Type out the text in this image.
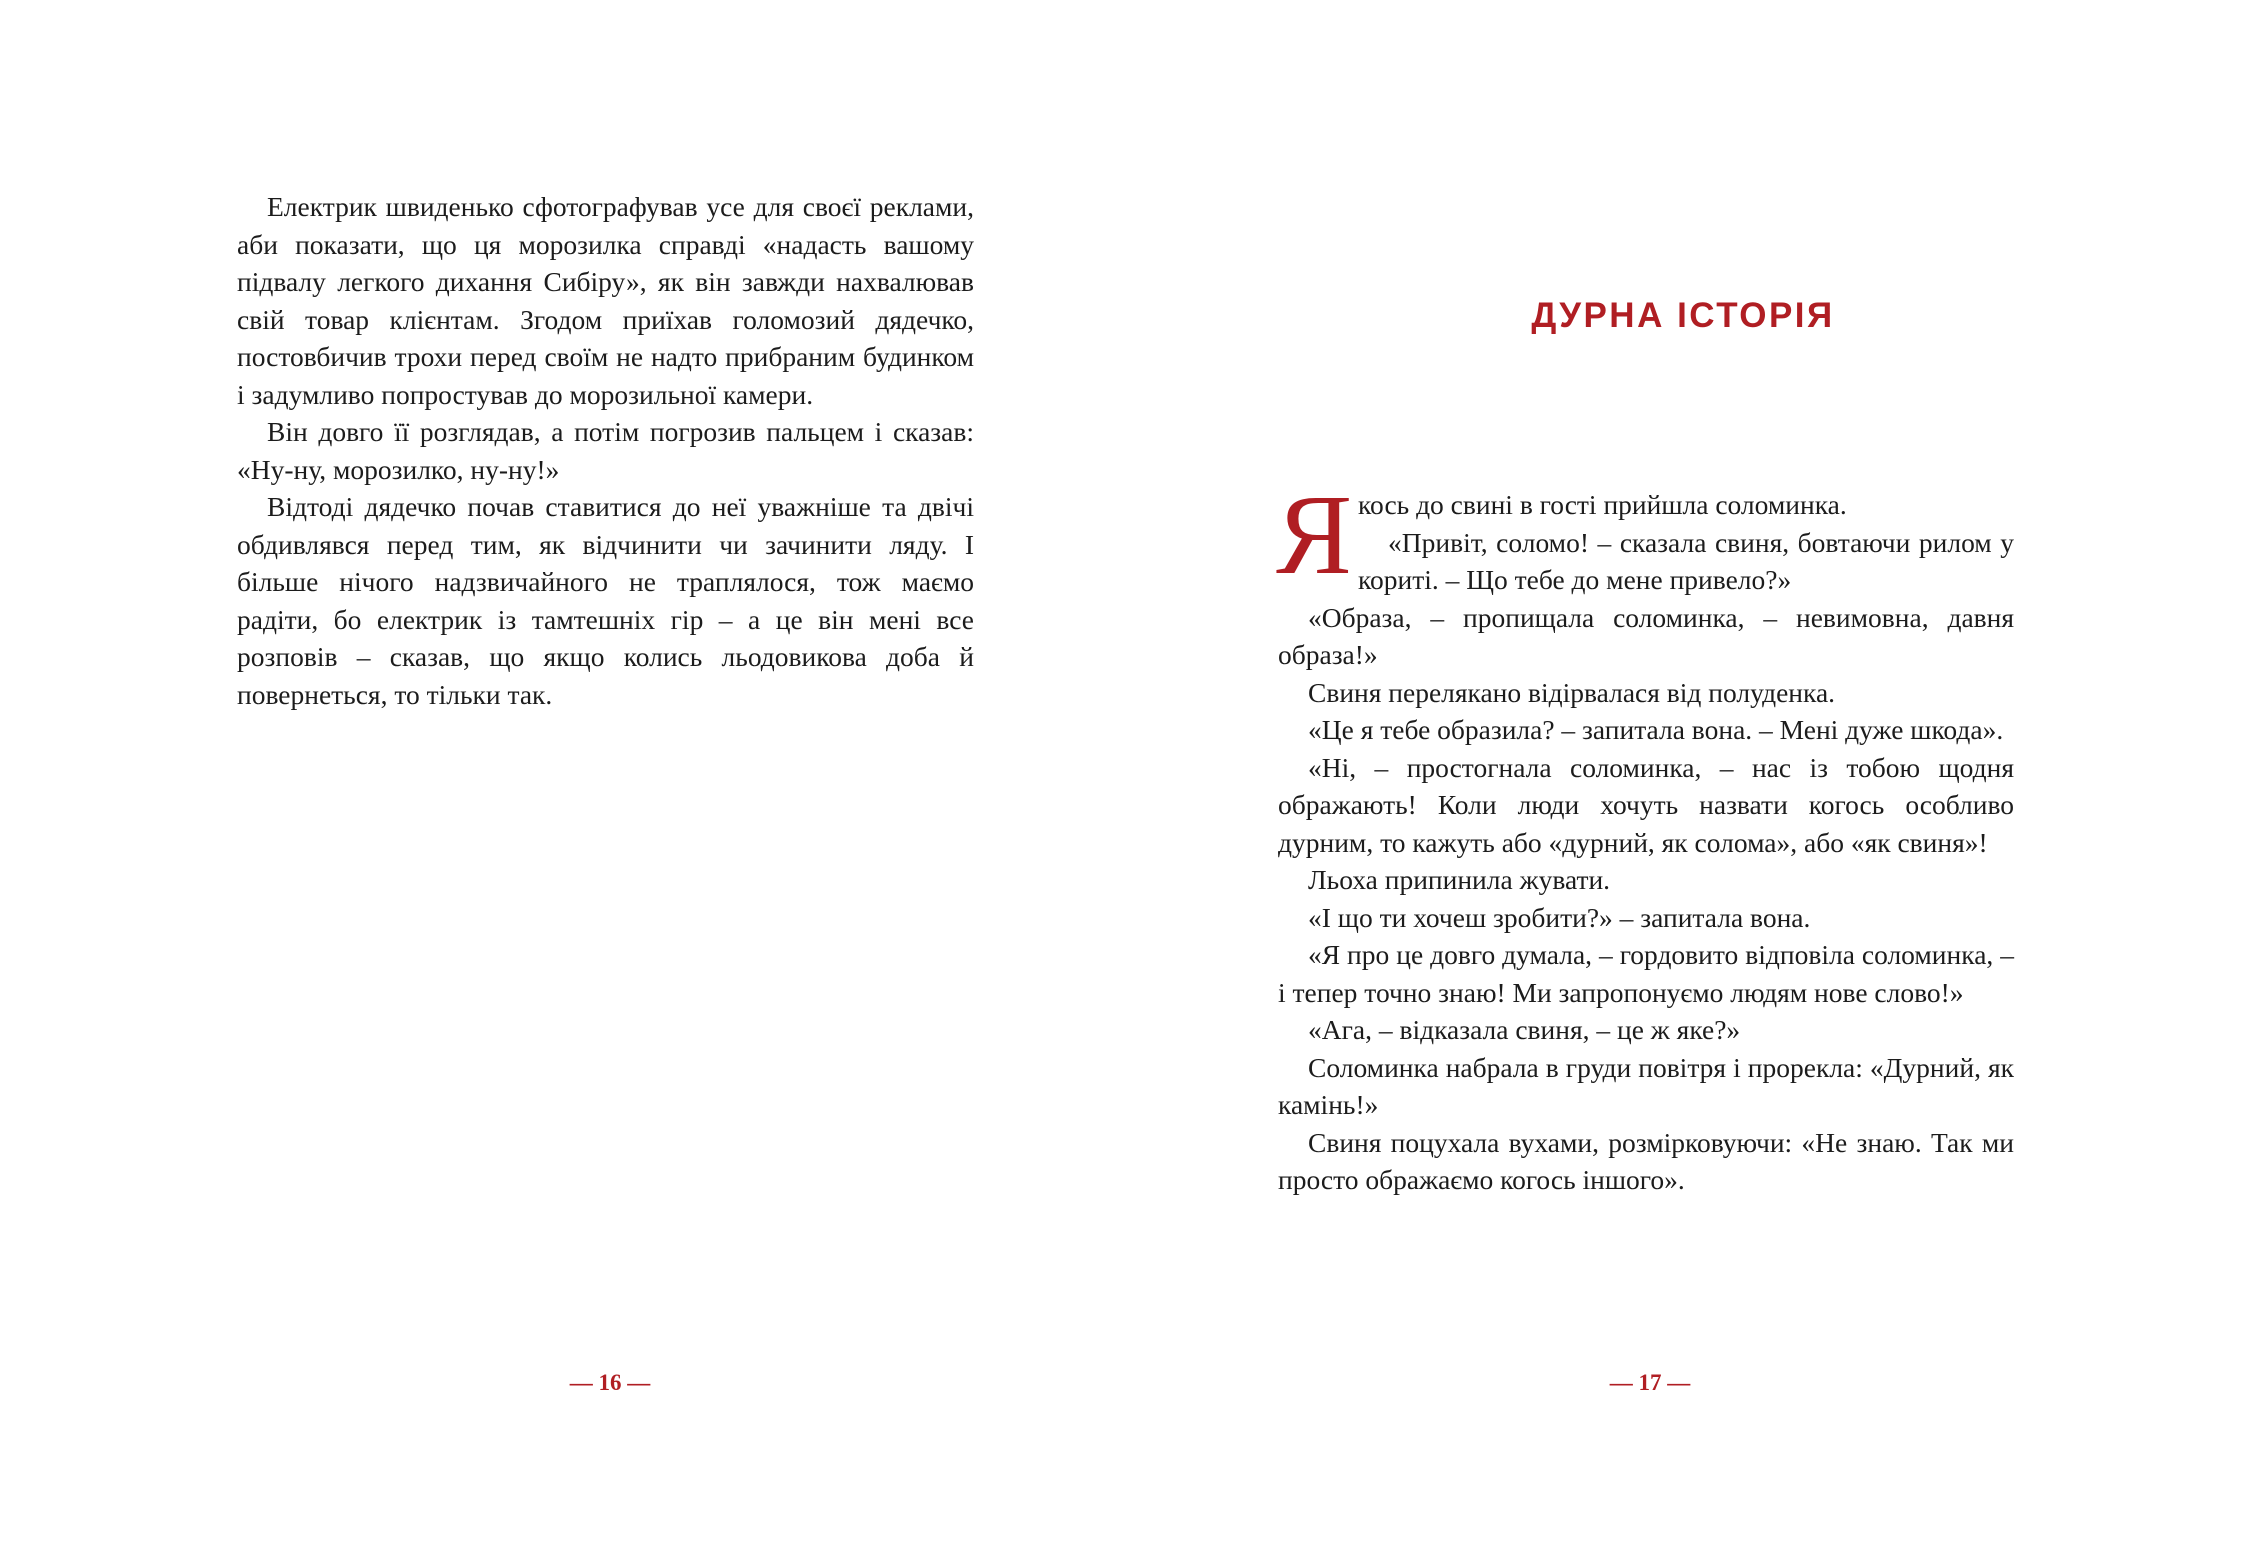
Електрик швиденько сфотографував усе для своєї реклами, аби показати, що ця морозилка справді «надасть вашому підвалу легкого дихання Сибіру», як він завжди нахвалював свій товар клієнтам. Згодом приїхав голомозий дядечко, постовбичив трохи перед своїм не надто прибраним будинком і задумливо попростував до морозильної камери.

Він довго її розглядав, а потім погрозив пальцем і сказав: «Ну-ну, морозилко, ну-ну!»

Відтоді дядечко почав ставитися до неї уважніше та двічі обдивлявся перед тим, як відчинити чи зачинити ляду. І більше нічого надзвичайного не траплялося, тож маємо радіти, бо електрик із тамтешніх гір – а це він мені все розповів – сказав, що якщо колись льодовикова доба й повернеться, то тільки так.

— 16 —
ДУРНА ІСТОРІЯ

Якось до свині в гості прийшла соломинка.

«Привіт, соломо! – сказала свиня, бовтаючи рилом у кориті. – Що тебе до мене привело?»

«Образа, – пропищала соломинка, – невимовна, давня образа!»

Свиня перелякано відірвалася від полуденка.

«Це я тебе образила? – запитала вона. – Мені дуже шкода».

«Ні, – простогнала соломинка, – нас із тобою щодня ображають! Коли люди хочуть назвати когось особливо дурним, то кажуть або «дурний, як солома», або «як свиня»!

Льоха припинила жувати.

«І що ти хочеш зробити?» – запитала вона.

«Я про це довго думала, – гордовито відповіла соломинка, – і тепер точно знаю! Ми запропонуємо людям нове слово!»

«Ага, – відказала свиня, – це ж яке?»

Соломинка набрала в груди повітря і прорекла: «Дурний, як камінь!»

Свиня поцухала вухами, розмірковуючи: «Не знаю. Так ми просто ображаємо когось іншого».

— 17 —
